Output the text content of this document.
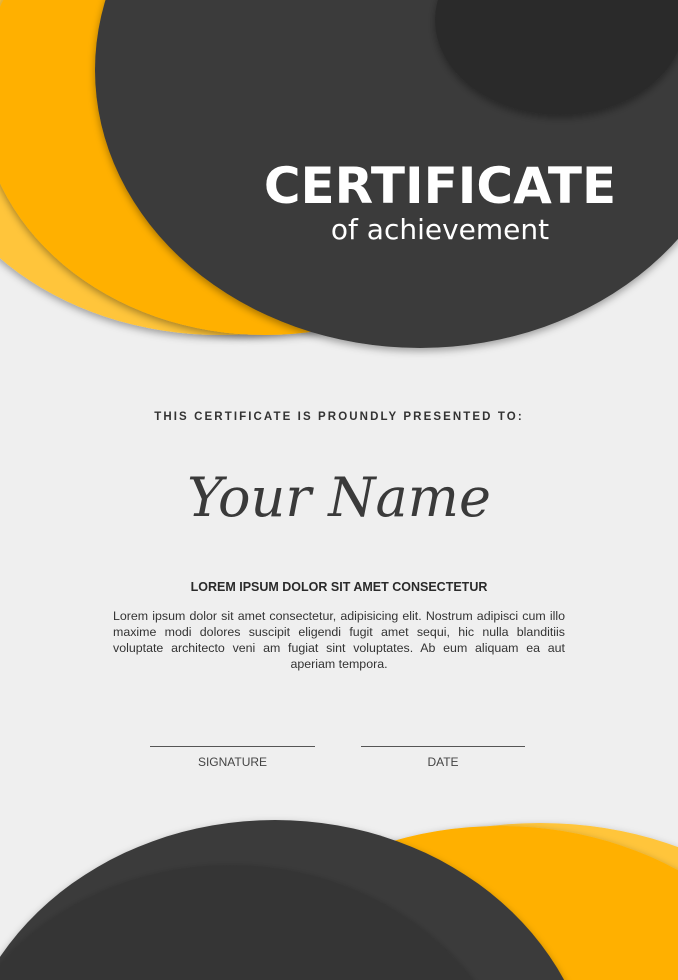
CERTIFICATE
of achievement
THIS CERTIFICATE IS PROUNDLY PRESENTED TO:
Your Name
LOREM IPSUM DOLOR SIT AMET CONSECTETUR
Lorem ipsum dolor sit amet consectetur, adipisicing elit. Nostrum adipisci cum illo maxime modi dolores suscipit eligendi fugit amet sequi, hic nulla blanditiis voluptate architecto veni am fugiat sint voluptates. Ab eum aliquam ea aut aperiam tempora.
SIGNATURE	DATE
